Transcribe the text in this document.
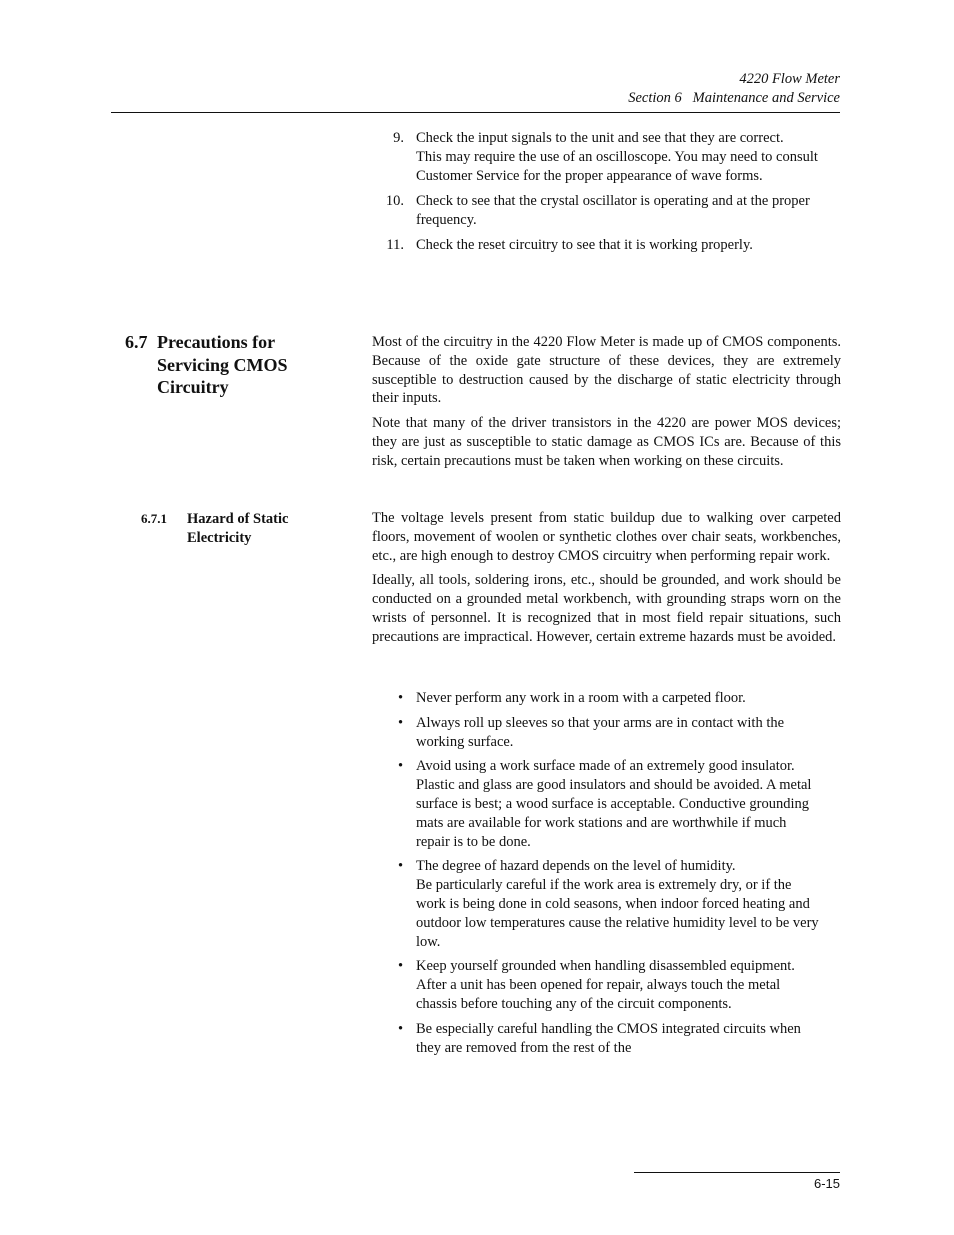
4220 Flow Meter
Section 6   Maintenance and Service
9. Check the input signals to the unit and see that they are correct.
This may require the use of an oscilloscope. You may need to consult Customer Service for the proper appearance of wave forms.
10. Check to see that the crystal oscillator is operating and at the proper frequency.
11. Check the reset circuitry to see that it is working properly.
6.7 Precautions for Servicing CMOS Circuitry

Most of the circuitry in the 4220 Flow Meter is made up of CMOS components. Because of the oxide gate structure of these devices, they are extremely susceptible to destruction caused by the discharge of static electricity through their inputs.

Note that many of the driver transistors in the 4220 are power MOS devices; they are just as susceptible to static damage as CMOS ICs are. Because of this risk, certain precautions must be taken when working on these circuits.

6.7.1	Hazard of Static Electricity

The voltage levels present from static buildup due to walking over carpeted floors, movement of woolen or synthetic clothes over chair seats, workbenches, etc., are high enough to destroy CMOS circuitry when performing repair work.

Ideally, all tools, soldering irons, etc., should be grounded, and work should be conducted on a grounded metal workbench, with grounding straps worn on the wrists of personnel. It is recognized that in most field repair situations, such precautions are impractical. However, certain extreme hazards must be avoided.

• Never perform any work in a room with a carpeted floor.
• Always roll up sleeves so that your arms are in contact with the working surface.
• Avoid using a work surface made of an extremely good insulator.
Plastic and glass are good insulators and should be avoided. A metal surface is best; a wood surface is acceptable. Conductive grounding mats are available for work stations and are worthwhile if much repair is to be done.
• The degree of hazard depends on the level of humidity.
Be particularly careful if the work area is extremely dry, or if the work is being done in cold seasons, when indoor forced heating and outdoor low temperatures cause the relative humidity level to be very low.
• Keep yourself grounded when handling disassembled equipment.
After a unit has been opened for repair, always touch the metal chassis before touching any of the circuit components.
• Be especially careful handling the CMOS integrated circuits when they are removed from the rest of the
6-15
